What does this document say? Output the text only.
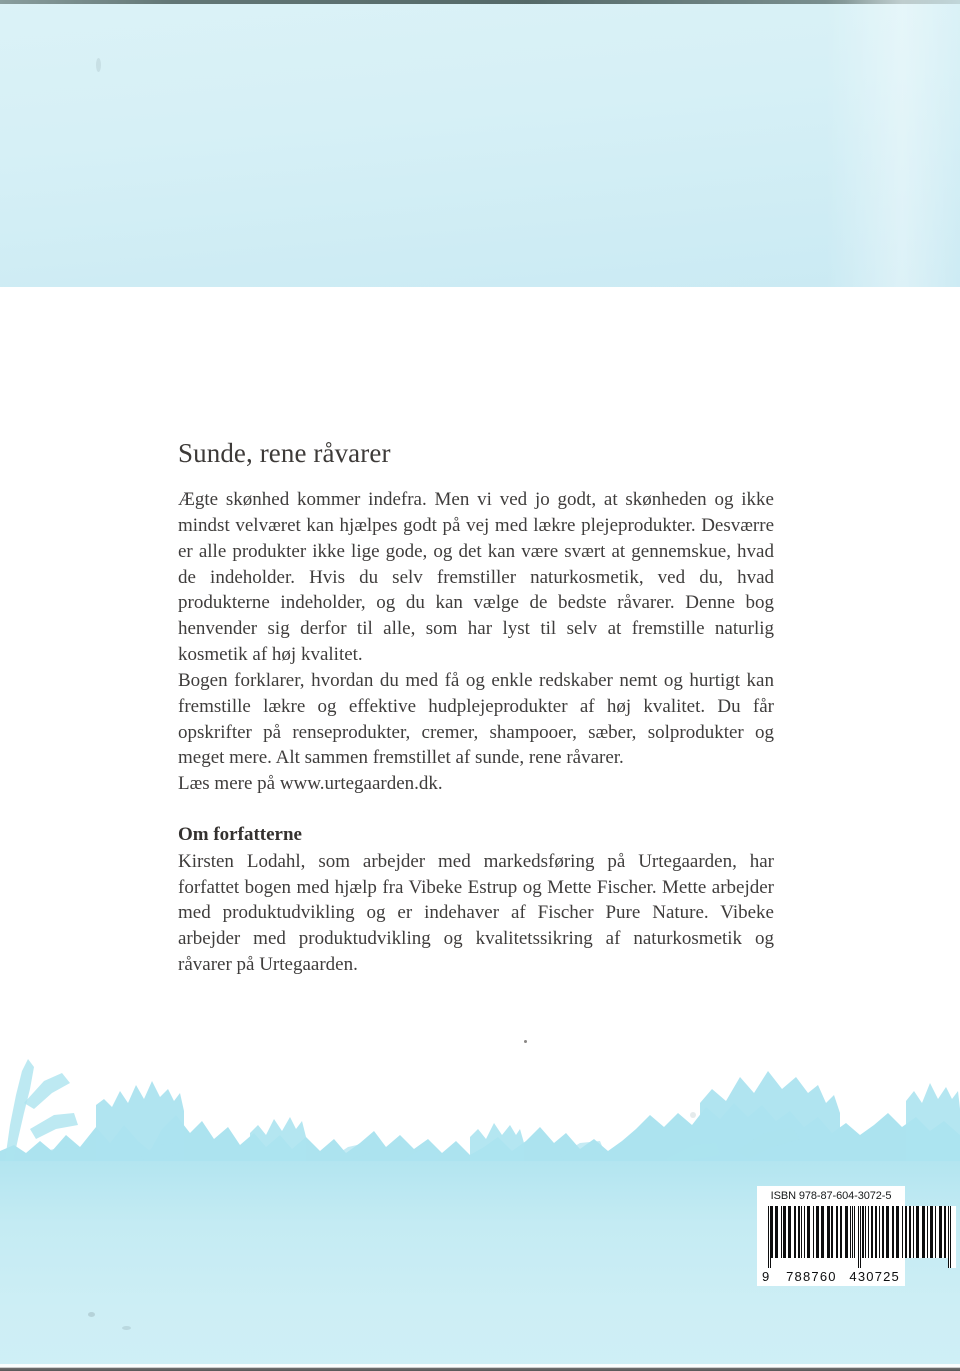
Sunde, rene råvarer

Ægte skønhed kommer indefra. Men vi ved jo godt, at skønheden og ikke mindst velværet kan hjælpes godt på vej med lækre plejeprodukter. Desværre er alle produkter ikke lige gode, og det kan være svært at gennemskue, hvad de indeholder. Hvis du selv fremstiller naturkosmetik, ved du, hvad produkterne indeholder, og du kan vælge de bedste råvarer. Denne bog henvender sig derfor til alle, som har lyst til selv at fremstille naturlig kosmetik af høj kvalitet.

Bogen forklarer, hvordan du med få og enkle redskaber nemt og hurtigt kan fremstille lækre og effektive hudplejeprodukter af høj kvalitet. Du får opskrifter på renseprodukter, cremer, shampooer, sæber, solprodukter og meget mere. Alt sammen fremstillet af sunde, rene råvarer.

Læs mere på www.urtegaarden.dk.

Om forfatterne

Kirsten Lodahl, som arbejder med markedsføring på Urtegaarden, har forfattet bogen med hjælp fra Vibeke Estrup og Mette Fischer. Mette arbejder med produktudvikling og er indehaver af Fischer Pure Nature. Vibeke arbejder med produktudvikling og kvalitetssikring af naturkosmetik og råvarer på Urtegaarden.

ISBN 978-87-604-3072-5
9 788760 430725
